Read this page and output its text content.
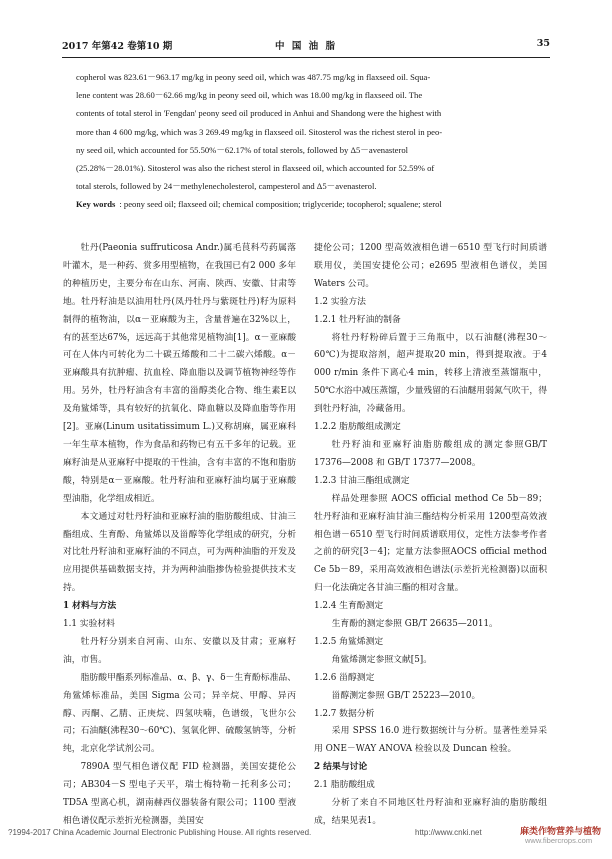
2017 年第42 卷第10 期	中 国 油 脂	35

copherol was 823.61－963.17 mg/kg in peony seed oil, which was 487.75 mg/kg in flaxseed oil. Squa-

lene content was 28.60－62.66 mg/kg in peony seed oil, which was 18.00 mg/kg in flaxseed oil. The

contents of total sterol in 'Fengdan' peony seed oil produced in Anhui and Shandong were the highest with

more than 4 600 mg/kg, which was 3 269.49 mg/kg in flaxseed oil. Sitosterol was the richest sterol in peo-

ny seed oil, which accounted for 55.50%－62.17% of total sterols, followed by Δ5－avenasterol

(25.28%－28.01%). Sitosterol was also the richest sterol in flaxseed oil, which accounted for 52.59% of

total sterols, followed by 24－methylenecholesterol, campesterol and Δ5－avenasterol.

Key words : peony seed oil; flaxseed oil; chemical composition; triglyceride; tocopherol; squalene; sterol

牡丹(Paeonia suffruticosa Andr.)属毛茛科芍药属落叶灌木，是一种药、赏多用型植物，在我国已有2 000 多年的种植历史，主要分布在山东、河南、陕西、安徽、甘肃等地。牡丹籽油是以油用牡丹(凤丹牡丹与紫斑牡丹)籽为原料制得的植物油，以α－亚麻酸为主，含量普遍在32%以上，有的甚至达67%，远远高于其他常见植物油[1]。α－亚麻酸可在人体内可转化为二十碳五烯酸和二十二碳六烯酸。α－亚麻酸具有抗肿瘤、抗血栓、降血脂以及调节植物神经等作用。另外，牡丹籽油含有丰富的甾醇类化合物、维生素E以及角鲨烯等，具有较好的抗氧化、降血糖以及降血脂等作用[2]。亚麻(Linum usitatissimum L.)又称胡麻，属亚麻科一年生草本植物，作为食品和药物已有五千多年的记载。亚麻籽油是从亚麻籽中提取的干性油，含有丰富的不饱和脂肪酸，特别是α－亚麻酸。牡丹籽油和亚麻籽油均属于亚麻酸型油脂，化学组成相近。

本文通过对牡丹籽油和亚麻籽油的脂肪酸组成、甘油三酯组成、生育酚、角鲨烯以及甾醇等化学组成的研究，分析对比牡丹籽油和亚麻籽油的不同点，可为两种油脂的开发及应用提供基础数据支持，并为两种油脂掺伪检验提供技术支持。

1 材料与方法

1.1 实验材料

牡丹籽分别来自河南、山东、安徽以及甘肃；亚麻籽油，市售。

脂肪酸甲酯系列标准品、α、β、γ、δ－生育酚标准品、角鲨烯标准品，美国 Sigma 公司；异辛烷、甲醇、异丙醇、丙酮、乙腈、正庚烷、四氢呋喃，色谱级，飞世尔公司；石油醚(沸程30～60℃)、氢氧化钾、硫酸氢钠等，分析纯，北京化学试剂公司。

7890A 型气相色谱仪配 FID 检测器，美国安捷伦公司；AB304－S 型电子天平，瑞士梅特勒－托利多公司；TD5A 型离心机，湖南赫西仪器装备有限公司；1100 型液相色谱仪配示差折光检测器，美国安

捷伦公司；1200 型高效液相色谱－6510 型飞行时间质谱联用仪，美国安捷伦公司；e2695 型液相色谱仪，美国 Waters 公司。

1.2 实验方法

1.2.1 牡丹籽油的制备

将牡丹籽粉碎后置于三角瓶中，以石油醚(沸程30～60℃)为提取溶剂，超声提取20 min，得到提取液。于4 000 r/min 条件下离心4 min，转移上清液至蒸馏瓶中，50℃水浴中减压蒸馏，少量残留的石油醚用弱氮气吹干，得到牡丹籽油，冷藏备用。

1.2.2 脂肪酸组成测定

牡丹籽油和亚麻籽油脂肪酸组成的测定参照GB/T 17376—2008 和 GB/T 17377—2008。

1.2.3 甘油三酯组成测定

样品处理参照 AOCS official method Ce 5b－89；牡丹籽油和亚麻籽油甘油三酯结构分析采用 1200型高效液相色谱－6510 型飞行时间质谱联用仪，定性方法参考作者之前的研究[3－4]；定量方法参照AOCS official method Ce 5b－89，采用高效液相色谱法(示差折光检测器)以面积归一化法确定各甘油三酯的相对含量。

1.2.4 生育酚测定

生育酚的测定参照 GB/T 26635—2011。

1.2.5 角鲨烯测定

角鲨烯测定参照文献[5]。

1.2.6 甾醇测定

甾醇测定参照 GB/T 25223—2010。

1.2.7 数据分析

采用 SPSS 16.0 进行数据统计与分析。显著性差异采用 ONE－WAY ANOVA 检验以及 Duncan 检验。

2 结果与讨论

2.1 脂肪酸组成

分析了来自不同地区牡丹籽油和亚麻籽油的脂肪酸组成，结果见表1。

?1994-2017 China Academic Journal Electronic Publishing House. All rights reserved.	http://www.cnki.net	麻类作物营养与植物
www.fibercrops.com
